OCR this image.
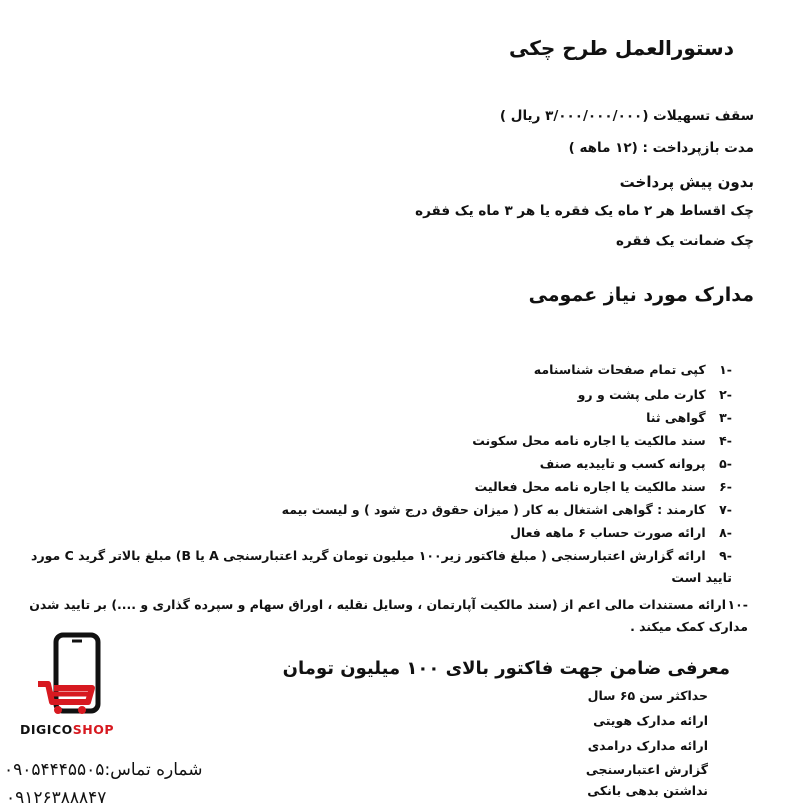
دستورالعمل طرح چکی
سقف تسهیلات (۳/۰۰۰/۰۰۰/۰۰۰ ریال )
مدت بازپرداخت : (۱۲ ماهه )
بدون پیش پرداخت
چک اقساط هر ۲ ماه یک فقره یا هر ۳ ماه یک فقره
چک ضمانت یک فقره
مدارک مورد نیاز عمومی
-۱ کپی تمام صفحات شناسنامه
-۲ کارت ملی پشت و رو
-۳ گواهی ثنا
-۴ سند مالکیت یا اجاره نامه محل سکونت
-۵ پروانه کسب و تاییدیه صنف
-۶ سند مالکیت یا اجاره نامه محل فعالیت
-۷ کارمند : گواهی اشتغال به کار ( میزان حقوق درج شود ) و لیست بیمه
-۸ ارائه صورت حساب ۶ ماهه فعال
-۹ ارائه گزارش اعتبارسنجی ( مبلغ فاکتور زیر۱۰۰ میلیون تومان گرید اعتبارسنجی A یا B) مبلغ بالاتر گرید C مورد تایید است
-۱۰ارائه مستندات مالی اعم از (سند مالکیت آپارتمان ، وسایل نقلیه ، اوراق سهام و سپرده گذاری و ....) بر تایید شدن مدارک کمک میکند .
معرفی ضامن جهت فاکتور بالای ۱۰۰ میلیون تومان
حداکثر سن ۶۵ سال
ارائه مدارک هویتی
ارائه مدارک درامدی
گزارش اعتبارسنجی
نداشتن بدهی بانکی
DIGICOSHOP
شماره تماس:۰۹۰۵۴۴۴۵۵۰۵
۰۹۱۲۶۳۸۸۸۴۷
